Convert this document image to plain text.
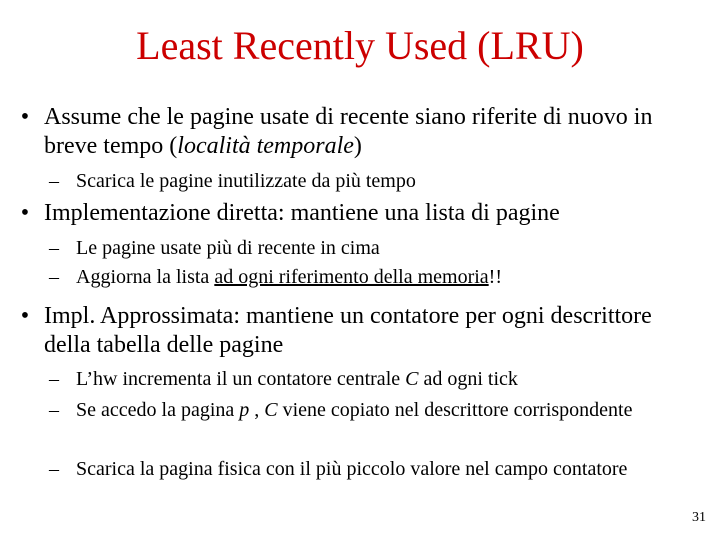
Least Recently Used (LRU)
• Assume che le pagine usate di recente siano riferite di nuovo in breve tempo (località temporale)
– Scarica le pagine inutilizzate da più tempo
• Implementazione diretta: mantiene una lista di pagine
– Le pagine usate più di recente in cima
– Aggiorna la lista ad ogni riferimento della memoria!!
• Impl. Approssimata: mantiene un contatore per ogni descrittore della tabella delle pagine
– L’hw incrementa il un contatore centrale C ad ogni tick
– Se accedo la pagina p , C viene copiato nel descrittore corrispondente
– Scarica la pagina fisica con il più piccolo valore nel campo contatore
31
